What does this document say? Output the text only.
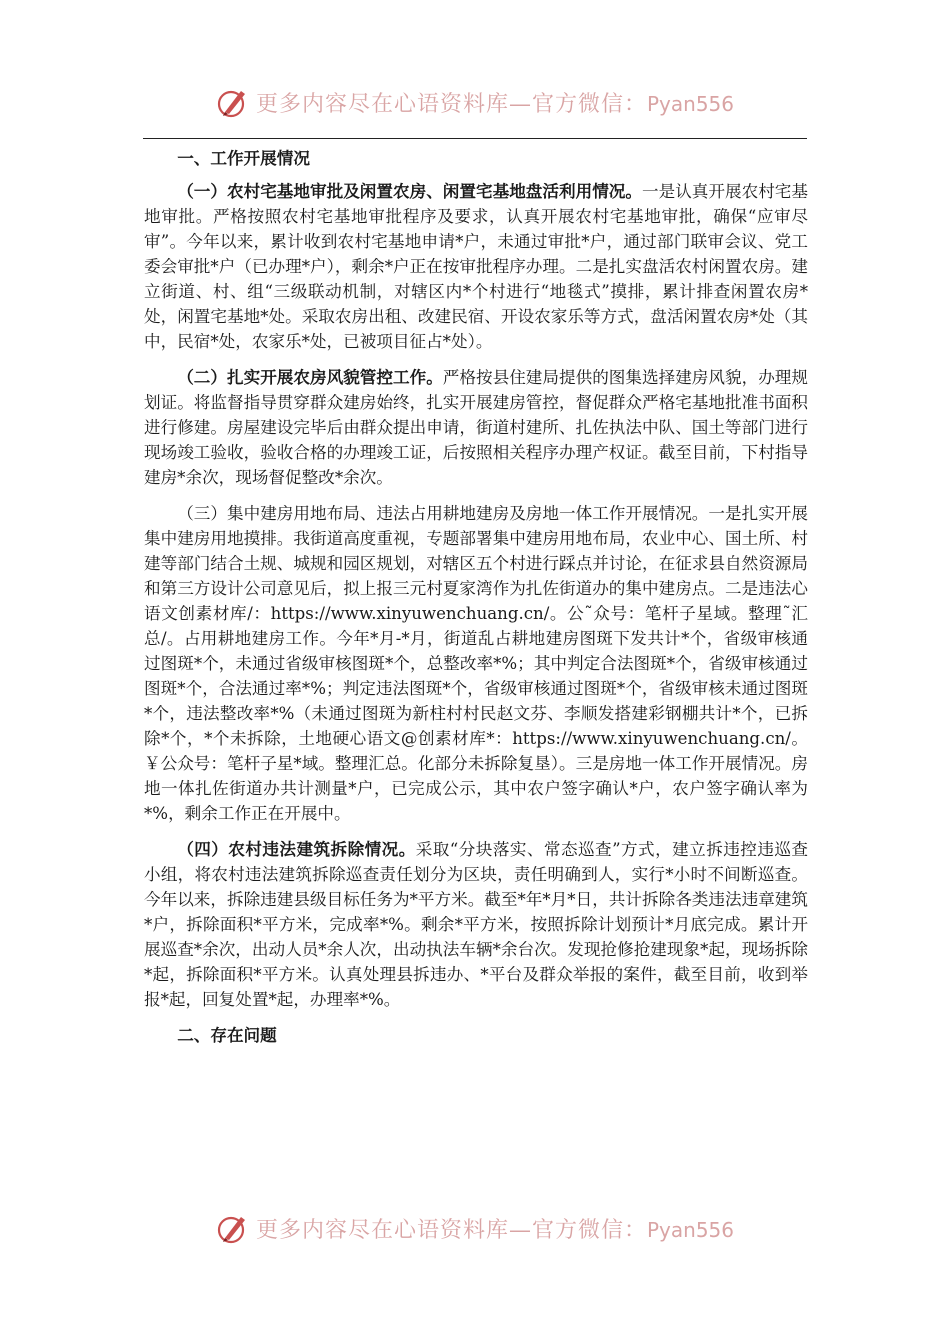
更多内容尽在心语资料库—官方微信：Pyan556
一、工作开展情况

（一）农村宅基地审批及闲置农房、闲置宅基地盘活利用情况。一是认真开展农村宅基地审批。严格按照农村宅基地审批程序及要求，认真开展农村宅基地审批，确保“应审尽审”。今年以来，累计收到农村宅基地申请*户，未通过审批*户，通过部门联审会议、党工委会审批*户（已办理*户），剩余*户正在按审批程序办理。二是扎实盘活农村闲置农房。建立街道、村、组“三级联动机制，对辖区内*个村进行“地毯式”摸排，累计排查闲置农房*处，闲置宅基地*处。采取农房出租、改建民宿、开设农家乐等方式，盘活闲置农房*处（其中，民宿*处，农家乐*处，已被项目征占*处）。

（二）扎实开展农房风貌管控工作。严格按县住建局提供的图集选择建房风貌，办理规划证。将监督指导贯穿群众建房始终，扎实开展建房管控，督促群众严格宅基地批准书面积进行修建。房屋建设完毕后由群众提出申请，街道村建所、扎佐执法中队、国土等部门进行现场竣工验收，验收合格的办理竣工证，后按照相关程序办理产权证。截至目前，下村指导建房*余次，现场督促整改*余次。

（三）集中建房用地布局、违法占用耕地建房及房地一体工作开展情况。一是扎实开展集中建房用地摸排。我街道高度重视，专题部署集中建房用地布局，农业中心、国土所、村建等部门结合土规、城规和园区规划，对辖区五个村进行踩点并讨论，在征求县自然资源局和第三方设计公司意见后，拟上报三元村夏家湾作为扎佐街道办的集中建房点。二是违法心语文创素材库/：https://www.xinyuwenchuang.cn/。公˜众号：笔杆子星域。整理˜汇总/。占用耕地建房工作。今年*月-*月，街道乱占耕地建房图斑下发共计*个，省级审核通过图斑*个，未通过省级审核图斑*个，总整改率*%；其中判定合法图斑*个，省级审核通过图斑*个，合法通过率*%；判定违法图斑*个，省级审核通过图斑*个，省级审核未通过图斑*个，违法整改率*%（未通过图斑为新柱村村民赵文芬、李顺发搭建彩钢棚共计*个，已拆除*个，*个未拆除，土地硬心语文@创素材库*：https://www.xinyuwenchuang.cn/。￥公众号：笔杆子星*域。整理汇总。化部分未拆除复垦）。三是房地一体工作开展情况。房地一体扎佐街道办共计测量*户，已完成公示，其中农户签字确认*户，农户签字确认率为*%，剩余工作正在开展中。

（四）农村违法建筑拆除情况。采取“分块落实、常态巡查”方式，建立拆违控违巡查小组，将农村违法建筑拆除巡查责任划分为区块，责任明确到人，实行*小时不间断巡查。今年以来，拆除违建县级目标任务为*平方米。截至*年*月*日，共计拆除各类违法违章建筑*户，拆除面积*平方米，完成率*%。剩余*平方米，按照拆除计划预计*月底完成。累计开展巡查*余次，出动人员*余人次，出动执法车辆*余台次。发现抢修抢建现象*起，现场拆除*起，拆除面积*平方米。认真处理县拆违办、*平台及群众举报的案件，截至目前，收到举报*起，回复处置*起，办理率*%。

二、存在问题
更多内容尽在心语资料库—官方微信：Pyan556
